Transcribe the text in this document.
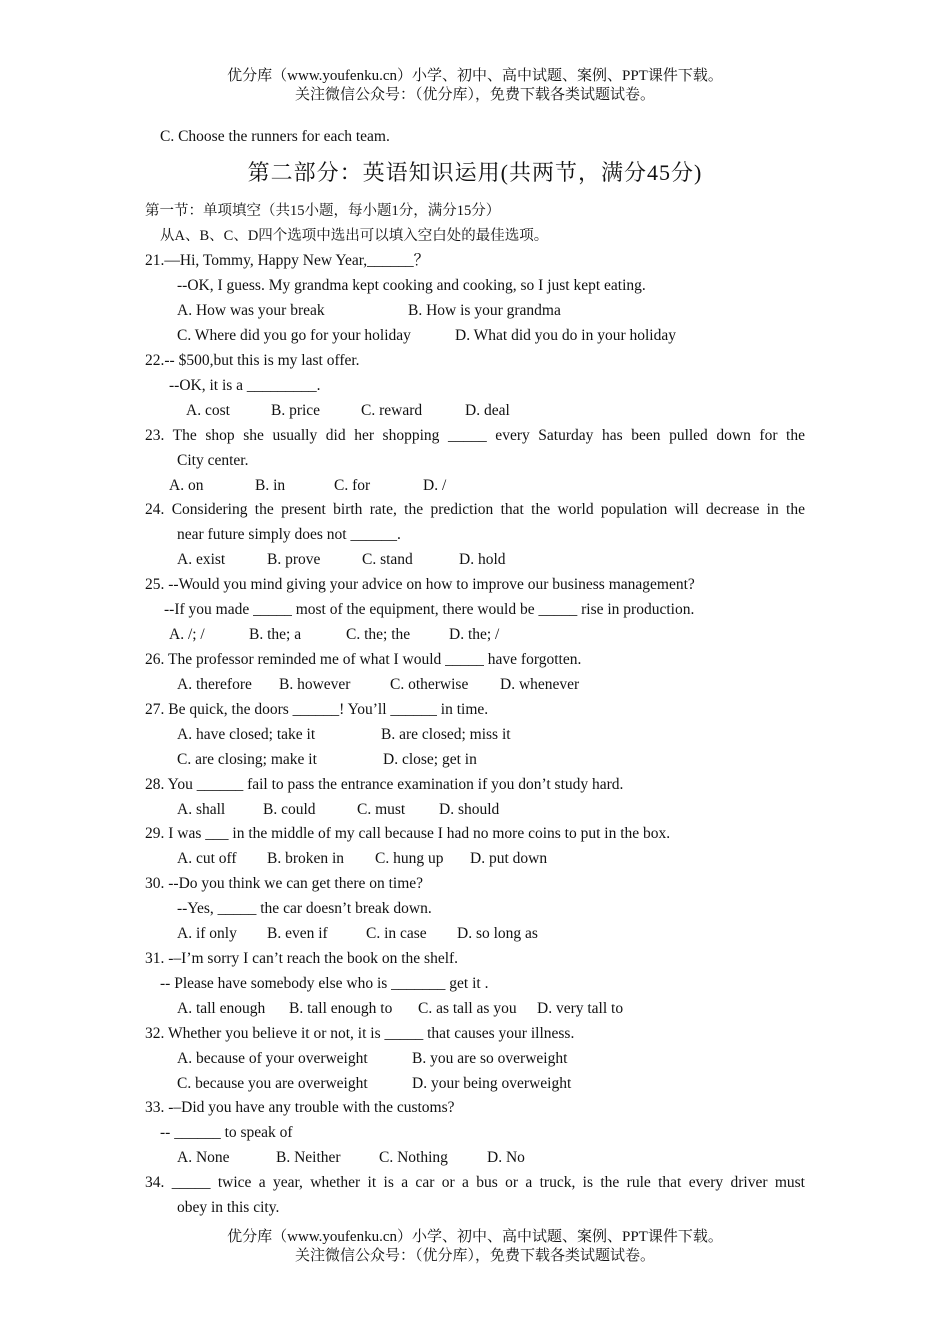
优分库（www.youfenku.cn）小学、初中、高中试题、案例、PPT课件下载。
关注微信公众号：（优分库），免费下载各类试题试卷。
C. Choose the runners for each team.
第二部分：英语知识运用(共两节，满分45分)
第一节：单项填空（共15小题，每小题1分，满分15分）
从A、B、C、D四个选项中选出可以填入空白处的最佳选项。
21.—Hi, Tommy, Happy New Year,______？
--OK, I guess. My grandma kept cooking and cooking, so I just kept eating.
A. How was your break	B. How is your grandma
C. Where did you go for your holiday	D. What did you do in your holiday
22.-- $500,but this is my last offer.
--OK, it is a _________.
A. cost	B. price	C. reward	D. deal
23. The shop she usually did her shopping _____ every Saturday has been pulled down for the
City center.
A. on	B. in	C. for	D. /
24. Considering the present birth rate, the prediction that the world population will decrease in the
near future simply does not ______.
A. exist	B. prove	C. stand	D. hold
25. --Would you mind giving your advice on how to improve our business management?
--If you made _____ most of the equipment, there would be _____ rise in production.
A. /; /	B. the; a	C. the; the	D. the; /
26. The professor reminded me of what I would _____ have forgotten.
A. therefore B. however	C. otherwise D. whenever
27. Be quick, the doors ______! You’ll ______ in time.
A. have closed; take it	B. are closed; miss it
C. are closing; make it	D. close; get in
28. You ______ fail to pass the entrance examination if you don’t study hard.
A. shall B. could	C. must D. should
29. I was ___ in the middle of my call because I had no more coins to put in the box.
A. cut off B. broken in C. hung up D. put down
30. --Do you think we can get there on time?
--Yes, _____ the car doesn’t break down.
A. if only B. even if C. in case D. so long as
31. -–I’m sorry I can’t reach the book on the shelf.
-- Please have somebody else who is _______ get it .
A. tall enough B. tall enough to C. as tall as you D. very tall to
32. Whether you believe it or not, it is _____ that causes your illness.
A. because of your overweight	B. you are so overweight
C. because you are overweight	D. your being overweight
33. -–Did you have any trouble with the customs?
-- ______ to speak of
A. None	B. Neither C. Nothing	D. No
34. _____ twice a year, whether it is a car or a bus or a truck, is the rule that every driver must
obey in this city.
优分库（www.youfenku.cn）小学、初中、高中试题、案例、PPT课件下载。
关注微信公众号：（优分库），免费下载各类试题试卷。
